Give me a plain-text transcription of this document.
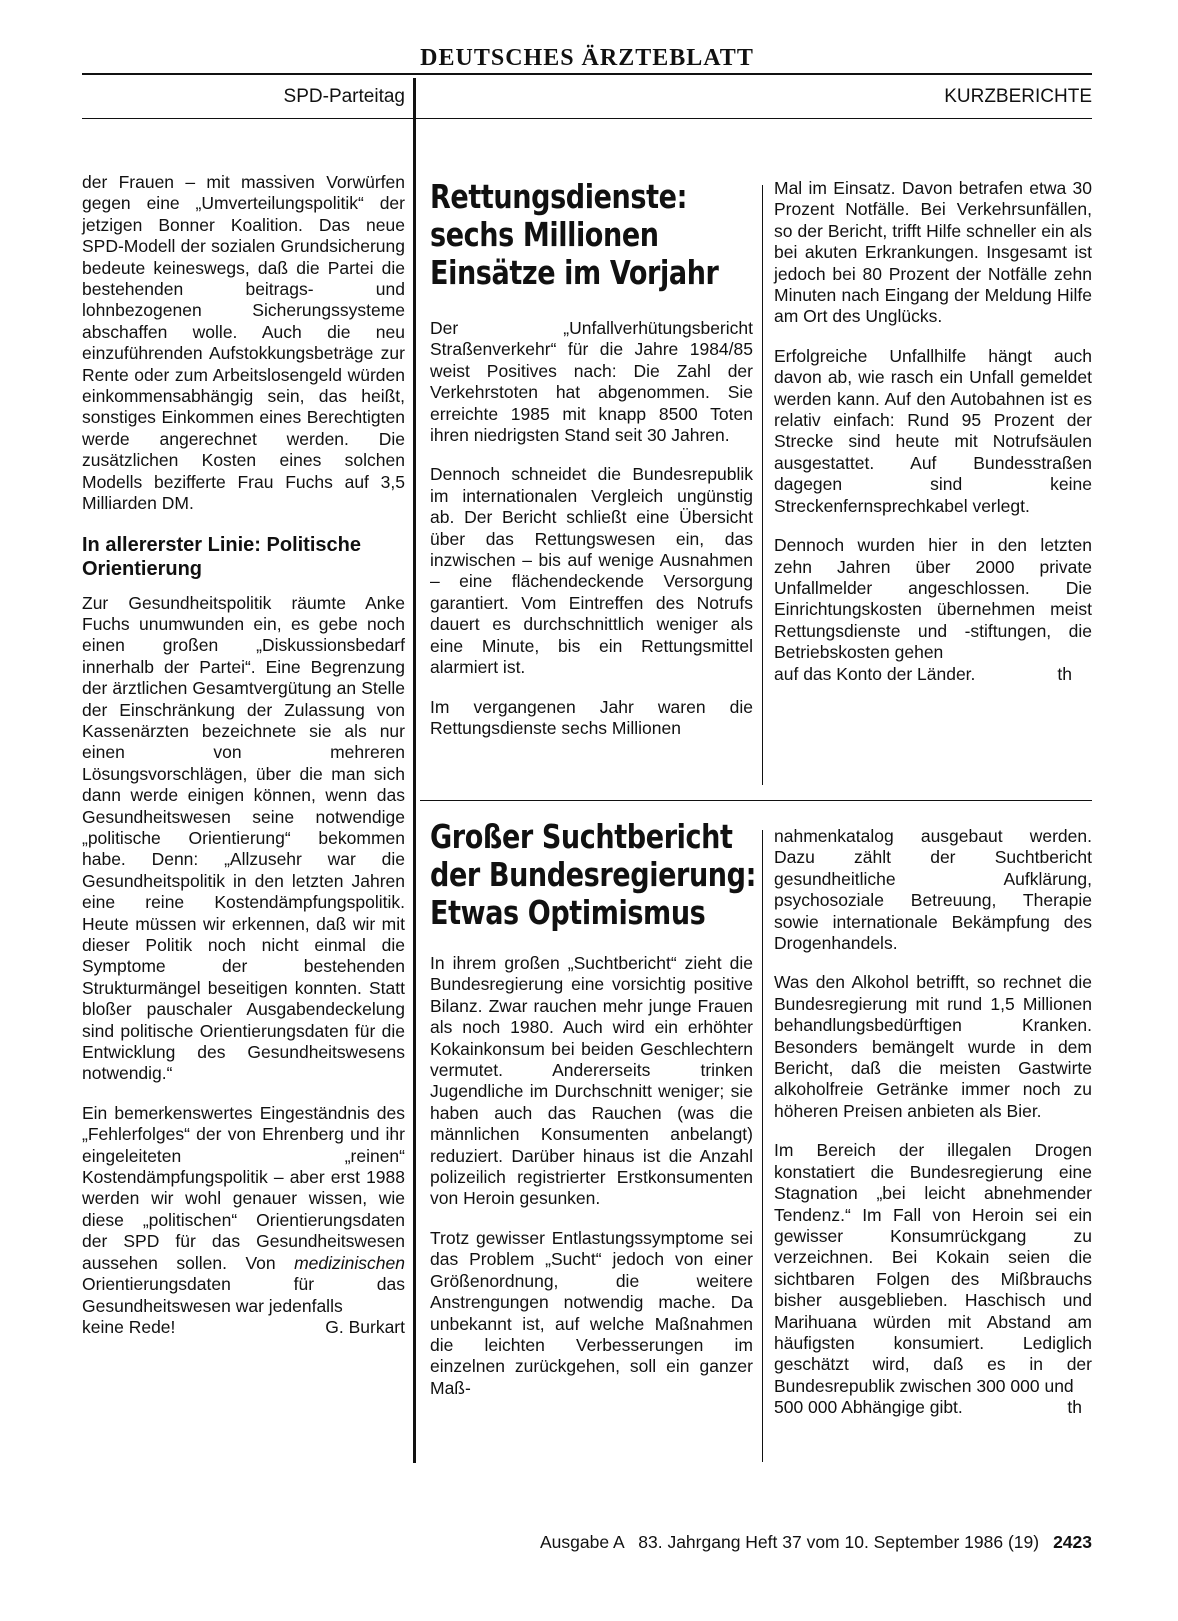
DEUTSCHES ÄRZTEBLATT
SPD-Parteitag	KURZBERICHTE

der Frauen – mit massiven Vorwürfen gegen eine „Umverteilungspolitik“ der jetzigen Bonner Koalition. Das neue SPD-Modell der sozialen Grundsicherung bedeute keineswegs, daß die Partei die bestehenden beitrags- und lohnbezogenen Sicherungssysteme abschaffen wolle. Auch die neu einzuführenden Aufstokkungsbeträge zur Rente oder zum Arbeitslosengeld würden einkommensabhängig sein, das heißt, sonstiges Einkommen eines Berechtigten werde angerechnet werden. Die zusätzlichen Kosten eines solchen Modells bezifferte Frau Fuchs auf 3,5 Milliarden DM.

In allererster Linie: Politische Orientierung

Zur Gesundheitspolitik räumte Anke Fuchs unumwunden ein, es gebe noch einen großen „Diskussionsbedarf innerhalb der Partei“. Eine Begrenzung der ärztlichen Gesamtvergütung an Stelle der Einschränkung der Zulassung von Kassenärzten bezeichnete sie als nur einen von mehreren Lösungsvorschlägen, über die man sich dann werde einigen können, wenn das Gesundheitswesen seine notwendige „politische Orientierung“ bekommen habe. Denn: „Allzusehr war die Gesundheitspolitik in den letzten Jahren eine reine Kostendämpfungspolitik. Heute müssen wir erkennen, daß wir mit dieser Politik noch nicht einmal die Symptome der bestehenden Strukturmängel beseitigen konnten. Statt bloßer pauschaler Ausgabendeckelung sind politische Orientierungsdaten für die Entwicklung des Gesundheitswesens notwendig.“

Ein bemerkenswertes Eingeständnis des „Fehlerfolges“ der von Ehrenberg und ihr eingeleiteten „reinen“ Kostendämpfungspolitik – aber erst 1988 werden wir wohl genauer wissen, wie diese „politischen“ Orientierungsdaten der SPD für das Gesundheitswesen aussehen sollen. Von medizinischen Orientierungsdaten für das Gesundheitswesen war jedenfalls

keine Rede!	G. Burkart
Rettungsdienste:
sechs Millionen
Einsätze im Vorjahr

Der „Unfallverhütungsbericht Straßenverkehr“ für die Jahre 1984/85 weist Positives nach: Die Zahl der Verkehrstoten hat abgenommen. Sie erreichte 1985 mit knapp 8500 Toten ihren niedrigsten Stand seit 30 Jahren.

Dennoch schneidet die Bundesrepublik im internationalen Vergleich ungünstig ab. Der Bericht schließt eine Übersicht über das Rettungswesen ein, das inzwischen – bis auf wenige Ausnahmen – eine flächendeckende Versorgung garantiert. Vom Eintreffen des Notrufs dauert es durchschnittlich weniger als eine Minute, bis ein Rettungsmittel alarmiert ist.

Im vergangenen Jahr waren die Rettungsdienste sechs Millionen

Mal im Einsatz. Davon betrafen etwa 30 Prozent Notfälle. Bei Verkehrsunfällen, so der Bericht, trifft Hilfe schneller ein als bei akuten Erkrankungen. Insgesamt ist jedoch bei 80 Prozent der Notfälle zehn Minuten nach Eingang der Meldung Hilfe am Ort des Unglücks.

Erfolgreiche Unfallhilfe hängt auch davon ab, wie rasch ein Unfall gemeldet werden kann. Auf den Autobahnen ist es relativ einfach: Rund 95 Prozent der Strecke sind heute mit Notrufsäulen ausgestattet. Auf Bundesstraßen dagegen sind keine Streckenfernsprechkabel verlegt.

Dennoch wurden hier in den letzten zehn Jahren über 2000 private Unfallmelder angeschlossen. Die Einrichtungskosten übernehmen meist Rettungsdienste und -stiftungen, die Betriebskosten gehen

auf das Konto der Länder.	th
Großer Suchtbericht
der Bundesregierung:
Etwas Optimismus

In ihrem großen „Suchtbericht“ zieht die Bundesregierung eine vorsichtig positive Bilanz. Zwar rauchen mehr junge Frauen als noch 1980. Auch wird ein erhöhter Kokainkonsum bei beiden Geschlechtern vermutet. Andererseits trinken Jugendliche im Durchschnitt weniger; sie haben auch das Rauchen (was die männlichen Konsumenten anbelangt) reduziert. Darüber hinaus ist die Anzahl polizeilich registrierter Erstkonsumenten von Heroin gesunken.

Trotz gewisser Entlastungssymptome sei das Problem „Sucht“ jedoch von einer Größenordnung, die weitere Anstrengungen notwendig mache. Da unbekannt ist, auf welche Maßnahmen die leichten Verbesserungen im einzelnen zurückgehen, soll ein ganzer Maß-

nahmenkatalog ausgebaut werden. Dazu zählt der Suchtbericht gesundheitliche Aufklärung, psychosoziale Betreuung, Therapie sowie internationale Bekämpfung des Drogenhandels.

Was den Alkohol betrifft, so rechnet die Bundesregierung mit rund 1,5 Millionen behandlungsbedürftigen Kranken. Besonders bemängelt wurde in dem Bericht, daß die meisten Gastwirte alkoholfreie Getränke immer noch zu höheren Preisen anbieten als Bier.

Im Bereich der illegalen Drogen konstatiert die Bundesregierung eine Stagnation „bei leicht abnehmender Tendenz.“ Im Fall von Heroin sei ein gewisser Konsumrückgang zu verzeichnen. Bei Kokain seien die sichtbaren Folgen des Mißbrauchs bisher ausgeblieben. Haschisch und Marihuana würden mit Abstand am häufigsten konsumiert. Lediglich geschätzt wird, daß es in der Bundesrepublik zwischen 300 000 und

500 000 Abhängige gibt.	th
Ausgabe A   83. Jahrgang Heft 37 vom 10. September 1986 (19) 2423
